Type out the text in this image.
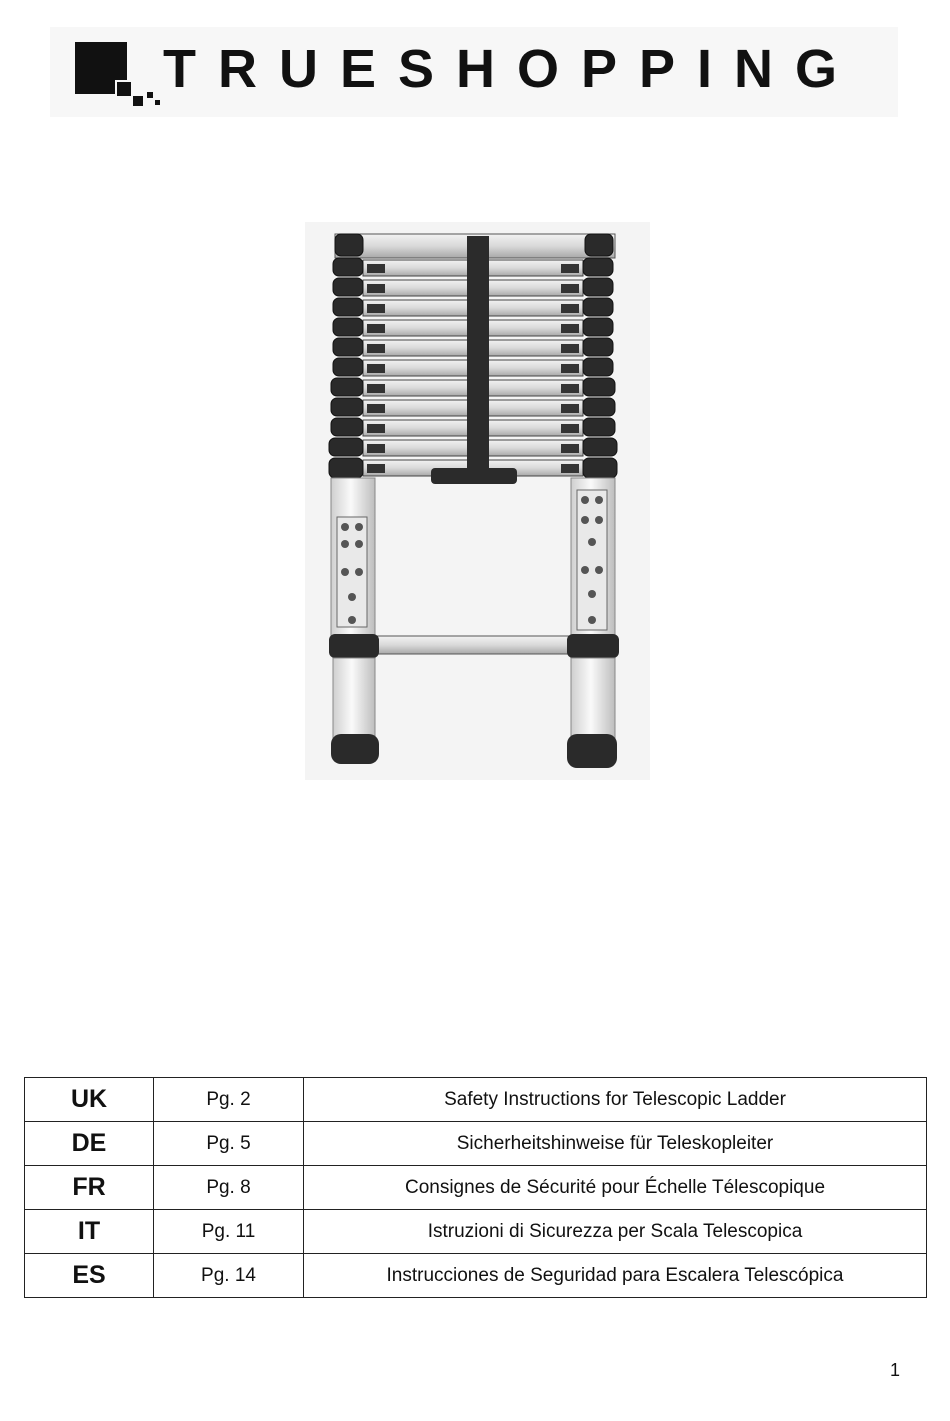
TRUESHOPPING
UK	Pg. 2	Safety Instructions for Telescopic Ladder
DE	Pg. 5	Sicherheitshinweise für Teleskopleiter
FR	Pg. 8	Consignes de Sécurité pour Échelle Télescopique
IT	Pg. 11	Istruzioni di Sicurezza per Scala Telescopica
ES	Pg. 14	Instrucciones de Seguridad para Escalera Telescópica
1
